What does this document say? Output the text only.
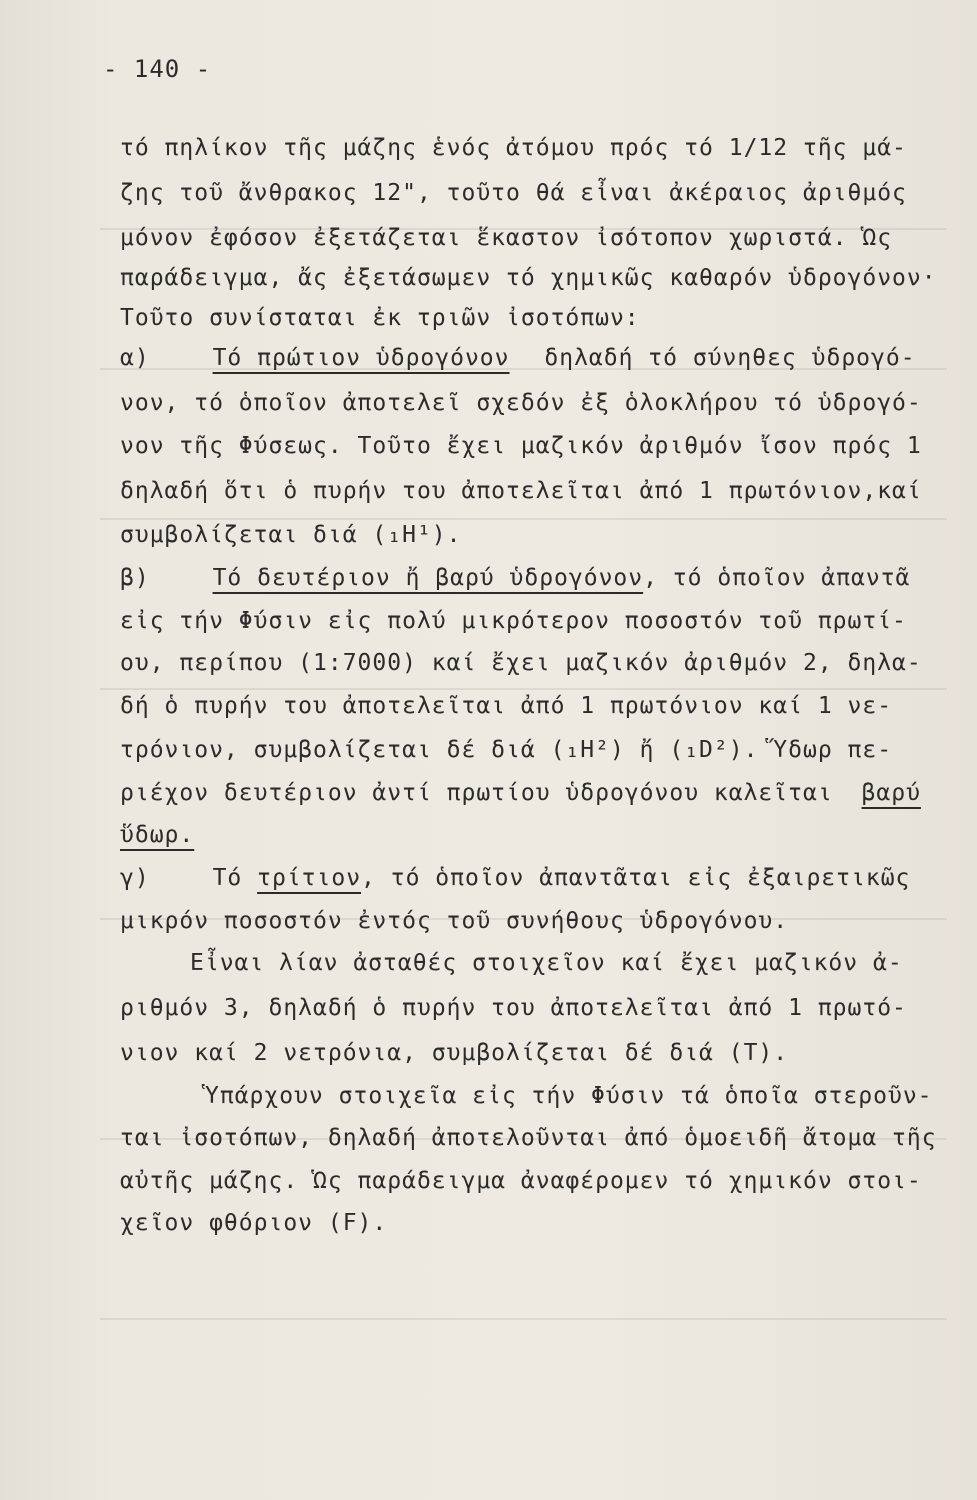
- 140 -
τό πηλίκον τῆς μάζης ἑνός ἀτόμου πρός τό 1/12 τῆς μά-
ζης τοῦ ἄνθρακος 12", τοῦτο θά εἶναι ἀκέραιος ἀριθμός
μόνον ἐφόσον ἐξετάζεται ἕκαστον ἰσότοπον χωριστά. Ὡς
παράδειγμα, ἄς ἐξετάσωμεν τό χημικῶς καθαρόν ὑδρογόνον·
Τοῦτο συνίσταται ἐκ τριῶν ἰσοτόπων:
α)	Τό πρώτιον ὑδρογόνον δηλαδή τό σύνηθες ὑδρογό-
νον, τό ὁποῖον ἀποτελεῖ σχεδόν ἐξ ὁλοκλήρου τό ὑδρογό-
νον τῆς Φύσεως. Τοῦτο ἔχει μαζικόν ἀριθμόν ἴσον πρός 1
δηλαδή ὅτι ὁ πυρήν του ἀποτελεῖται ἀπό 1 πρωτόνιον,καί
συμβολίζεται διά (₁H¹).
β)	Τό δευτέριον ἤ βαρύ ὑδρογόνον, τό ὁποῖον ἀπαντᾶ
εἰς τήν Φύσιν εἰς πολύ μικρότερον ποσοστόν τοῦ πρωτί-
ου, περίπου (1:7000) καί ἔχει μαζικόν ἀριθμόν 2, δηλα-
δή ὁ πυρήν του ἀποτελεῖται ἀπό 1 πρωτόνιον καί 1 νε-
τρόνιον, συμβολίζεται δέ διά (₁H²) ἤ (₁D²). Ὕδωρ πε-
ριέχον δευτέριον ἀντί πρωτίου ὑδρογόνου καλεῖται βαρύ
ὕδωρ.
γ)	Τό τρίτιον, τό ὁποῖον ἀπαντᾶται εἰς ἐξαιρετικῶς
μικρόν ποσοστόν ἐντός τοῦ συνήθους ὑδρογόνου.
Εἶναι λίαν ἀσταθές στοιχεῖον καί ἔχει μαζικόν ἀ-
ριθμόν 3, δηλαδή ὁ πυρήν του ἀποτελεῖται ἀπό 1 πρωτό-
νιον καί 2 νετρόνια, συμβολίζεται δέ διά (Τ).
Ὑπάρχουν στοιχεῖα εἰς τήν Φύσιν τά ὁποῖα στεροῦν-
ται ἰσοτόπων, δηλαδή ἀποτελοῦνται ἀπό ὁμοειδῆ ἄτομα τῆς
αὐτῆς μάζης. Ὡς παράδειγμα ἀναφέρομεν τό χημικόν στοι-
χεῖον φθόριον (F).
